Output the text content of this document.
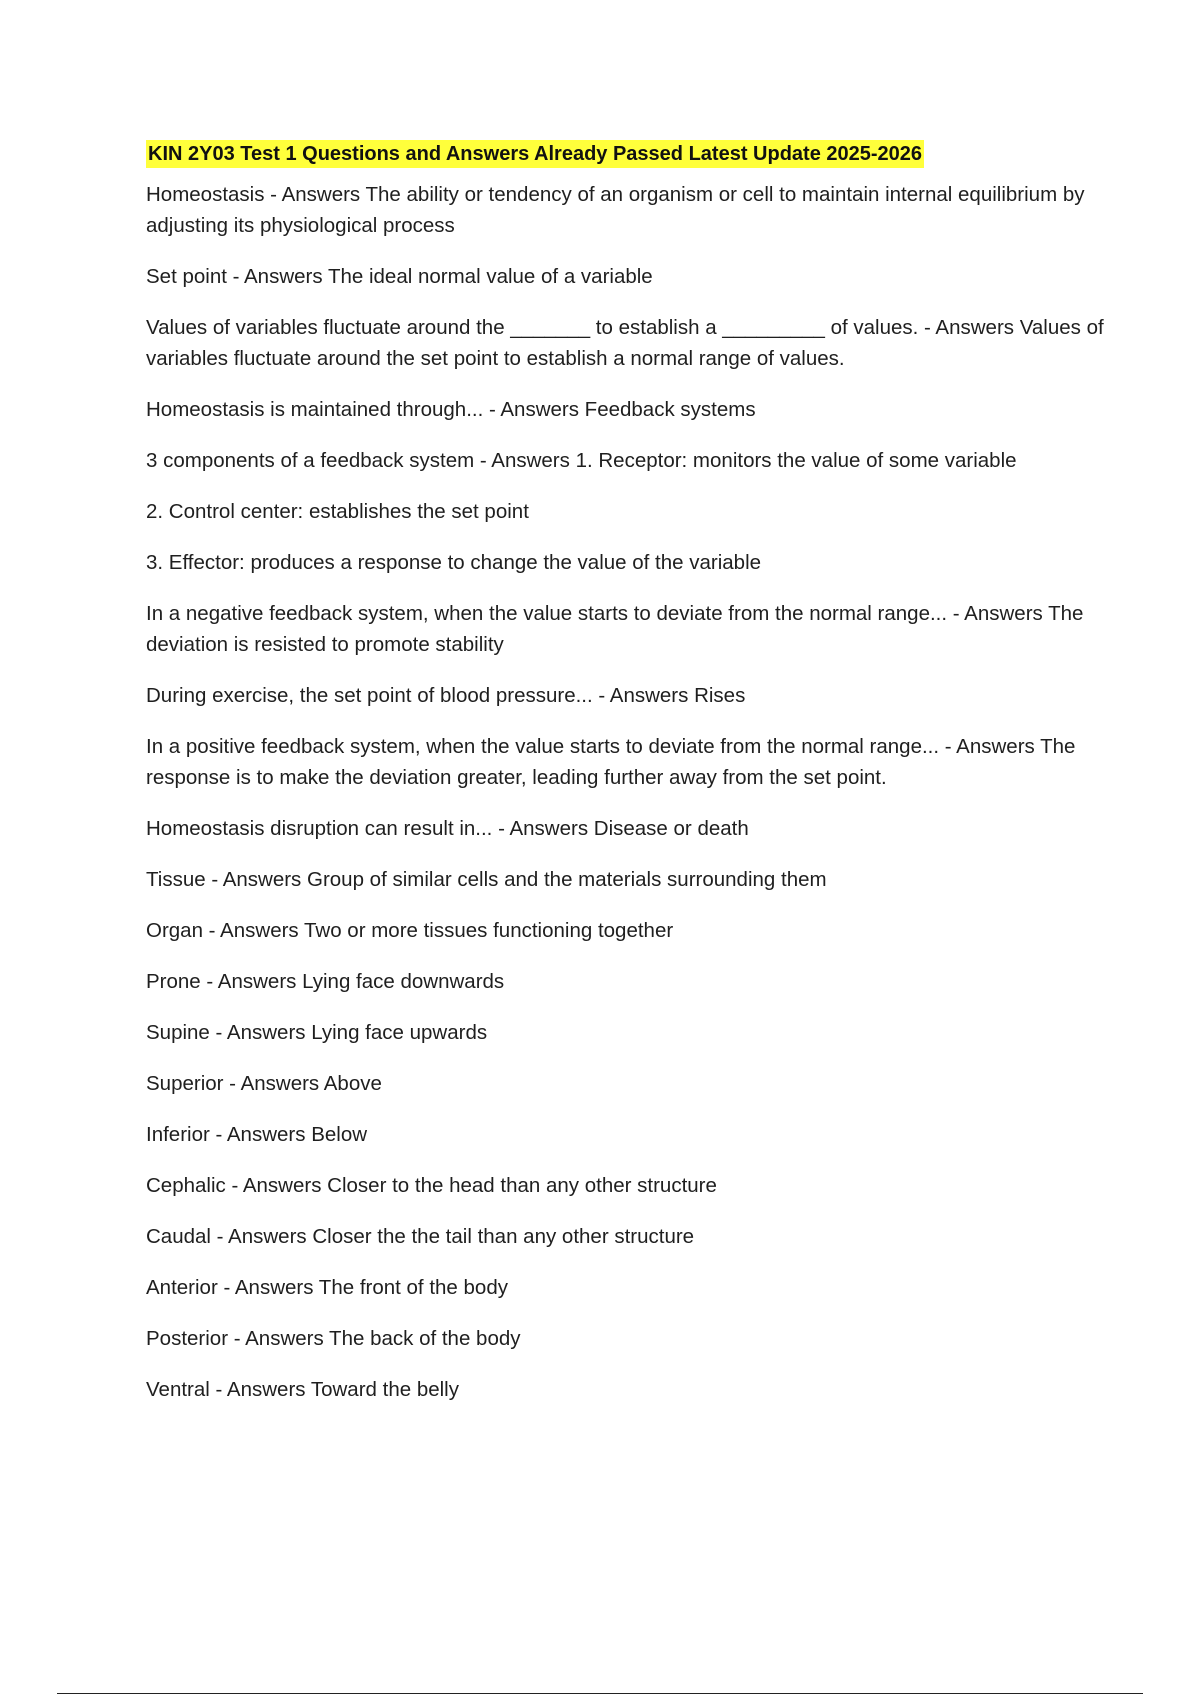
KIN 2Y03 Test 1 Questions and Answers Already Passed Latest Update 2025-2026

Homeostasis - Answers The ability or tendency of an organism or cell to maintain internal equilibrium by adjusting its physiological process

Set point - Answers The ideal normal value of a variable

Values of variables fluctuate around the _______ to establish a _________ of values. - Answers Values of variables fluctuate around the set point to establish a normal range of values.

Homeostasis is maintained through... - Answers Feedback systems

3 components of a feedback system - Answers 1. Receptor: monitors the value of some variable

2. Control center: establishes the set point

3. Effector: produces a response to change the value of the variable

In a negative feedback system, when the value starts to deviate from the normal range... - Answers The deviation is resisted to promote stability

During exercise, the set point of blood pressure... - Answers Rises

In a positive feedback system, when the value starts to deviate from the normal range... - Answers The response is to make the deviation greater, leading further away from the set point.

Homeostasis disruption can result in... - Answers Disease or death

Tissue - Answers Group of similar cells and the materials surrounding them

Organ - Answers Two or more tissues functioning together

Prone - Answers Lying face downwards

Supine - Answers Lying face upwards

Superior - Answers Above

Inferior - Answers Below

Cephalic - Answers Closer to the head than any other structure

Caudal - Answers Closer the the tail than any other structure

Anterior - Answers The front of the body

Posterior - Answers The back of the body

Ventral - Answers Toward the belly
